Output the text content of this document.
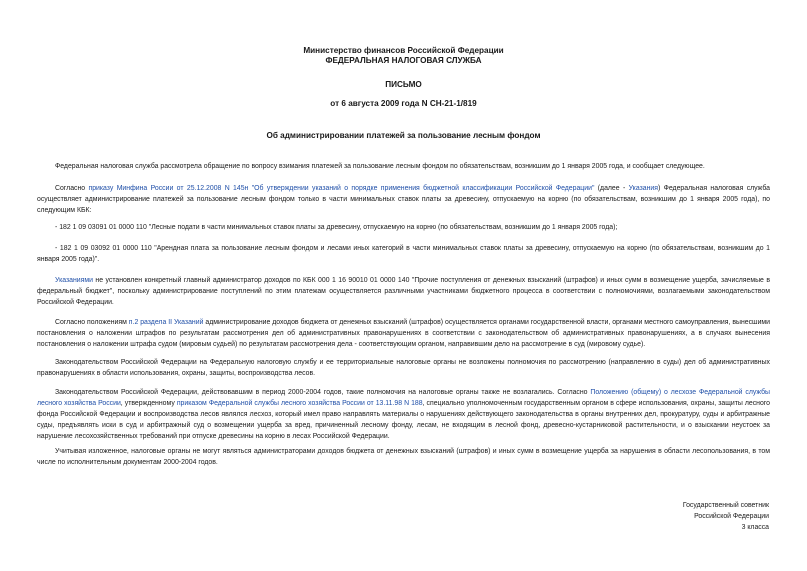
Министерство финансов Российской Федерации
ФЕДЕРАЛЬНАЯ НАЛОГОВАЯ СЛУЖБА
ПИСЬМО
от 6 августа 2009 года N СН-21-1/819
Об администрировании платежей за пользование лесным фондом
Федеральная налоговая служба рассмотрела обращение по вопросу взимания платежей за пользование лесным фондом по обязательствам, возникшим до 1 января 2005 года, и сообщает следующее.
Согласно приказу Минфина России от 25.12.2008 N 145н "Об утверждении указаний о порядке применения бюджетной классификации Российской Федерации" (далее - Указания) Федеральная налоговая служба осуществляет администрирование платежей за пользование лесным фондом только в части минимальных ставок платы за древесину, отпускаемую на корню (по обязательствам, возникшим до 1 января 2005 года), по следующим КБК:
- 182 1 09 03091 01 0000 110 "Лесные подати в части минимальных ставок платы за древесину, отпускаемую на корню (по обязательствам, возникшим до 1 января 2005 года);
- 182 1 09 03092 01 0000 110 "Арендная плата за пользование лесным фондом и лесами иных категорий в части минимальных ставок платы за древесину, отпускаемую на корню (по обязательствам, возникшим до 1 января 2005 года)".
Указаниями не установлен конкретный главный администратор доходов по КБК 000 1 16 90010 01 0000 140 "Прочие поступления от денежных взысканий (штрафов) и иных сумм в возмещение ущерба, зачисляемые в федеральный бюджет", поскольку администрирование поступлений по этим платежам осуществляется различными участниками бюджетного процесса в соответствии с полномочиями, возлагаемыми законодательством Российской Федерации.
Согласно положениям п.2 раздела II Указаний администрирование доходов бюджета от денежных взысканий (штрафов) осуществляется органами государственной власти, органами местного самоуправления, вынесшими постановления о наложении штрафов по результатам рассмотрения дел об административных правонарушениях в соответствии с законодательством об административных правонарушениях, а в случаях вынесения постановления о наложении штрафа судом (мировым судьей) по результатам рассмотрения дела - соответствующим органом, направившим дело на рассмотрение в суд (мировому судье).
Законодательством Российской Федерации на Федеральную налоговую службу и ее территориальные налоговые органы не возложены полномочия по рассмотрению (направлению в суды) дел об административных правонарушениях в области использования, охраны, защиты, воспроизводства лесов.
Законодательством Российской Федерации, действовавшим в период 2000-2004 годов, такие полномочия на налоговые органы также не возлагались. Согласно Положению (общему) о лесхозе Федеральной службы лесного хозяйства России, утвержденному приказом Федеральной службы лесного хозяйства России от 13.11.98 N 188, специально уполномоченным государственным органом в сфере использования, охраны, защиты лесного фонда Российской Федерации и воспроизводства лесов являлся лесхоз, который имел право направлять материалы о нарушениях действующего законодательства в органы внутренних дел, прокуратуру, суды и арбитражные суды, предъявлять иски в суд и арбитражный суд о возмещении ущерба за вред, причиненный лесному фонду, лесам, не входящим в лесной фонд, древесно-кустарниковой растительности, и о взыскании неустоек за нарушение лесохозяйственных требований при отпуске древесины на корню в лесах Российской Федерации.
Учитывая изложенное, налоговые органы не могут являться администраторами доходов бюджета от денежных взысканий (штрафов) и иных сумм в возмещение ущерба за нарушения в области лесопользования, в том числе по исполнительным документам 2000-2004 годов.
Государственный советник
Российской Федерации
3 класса
